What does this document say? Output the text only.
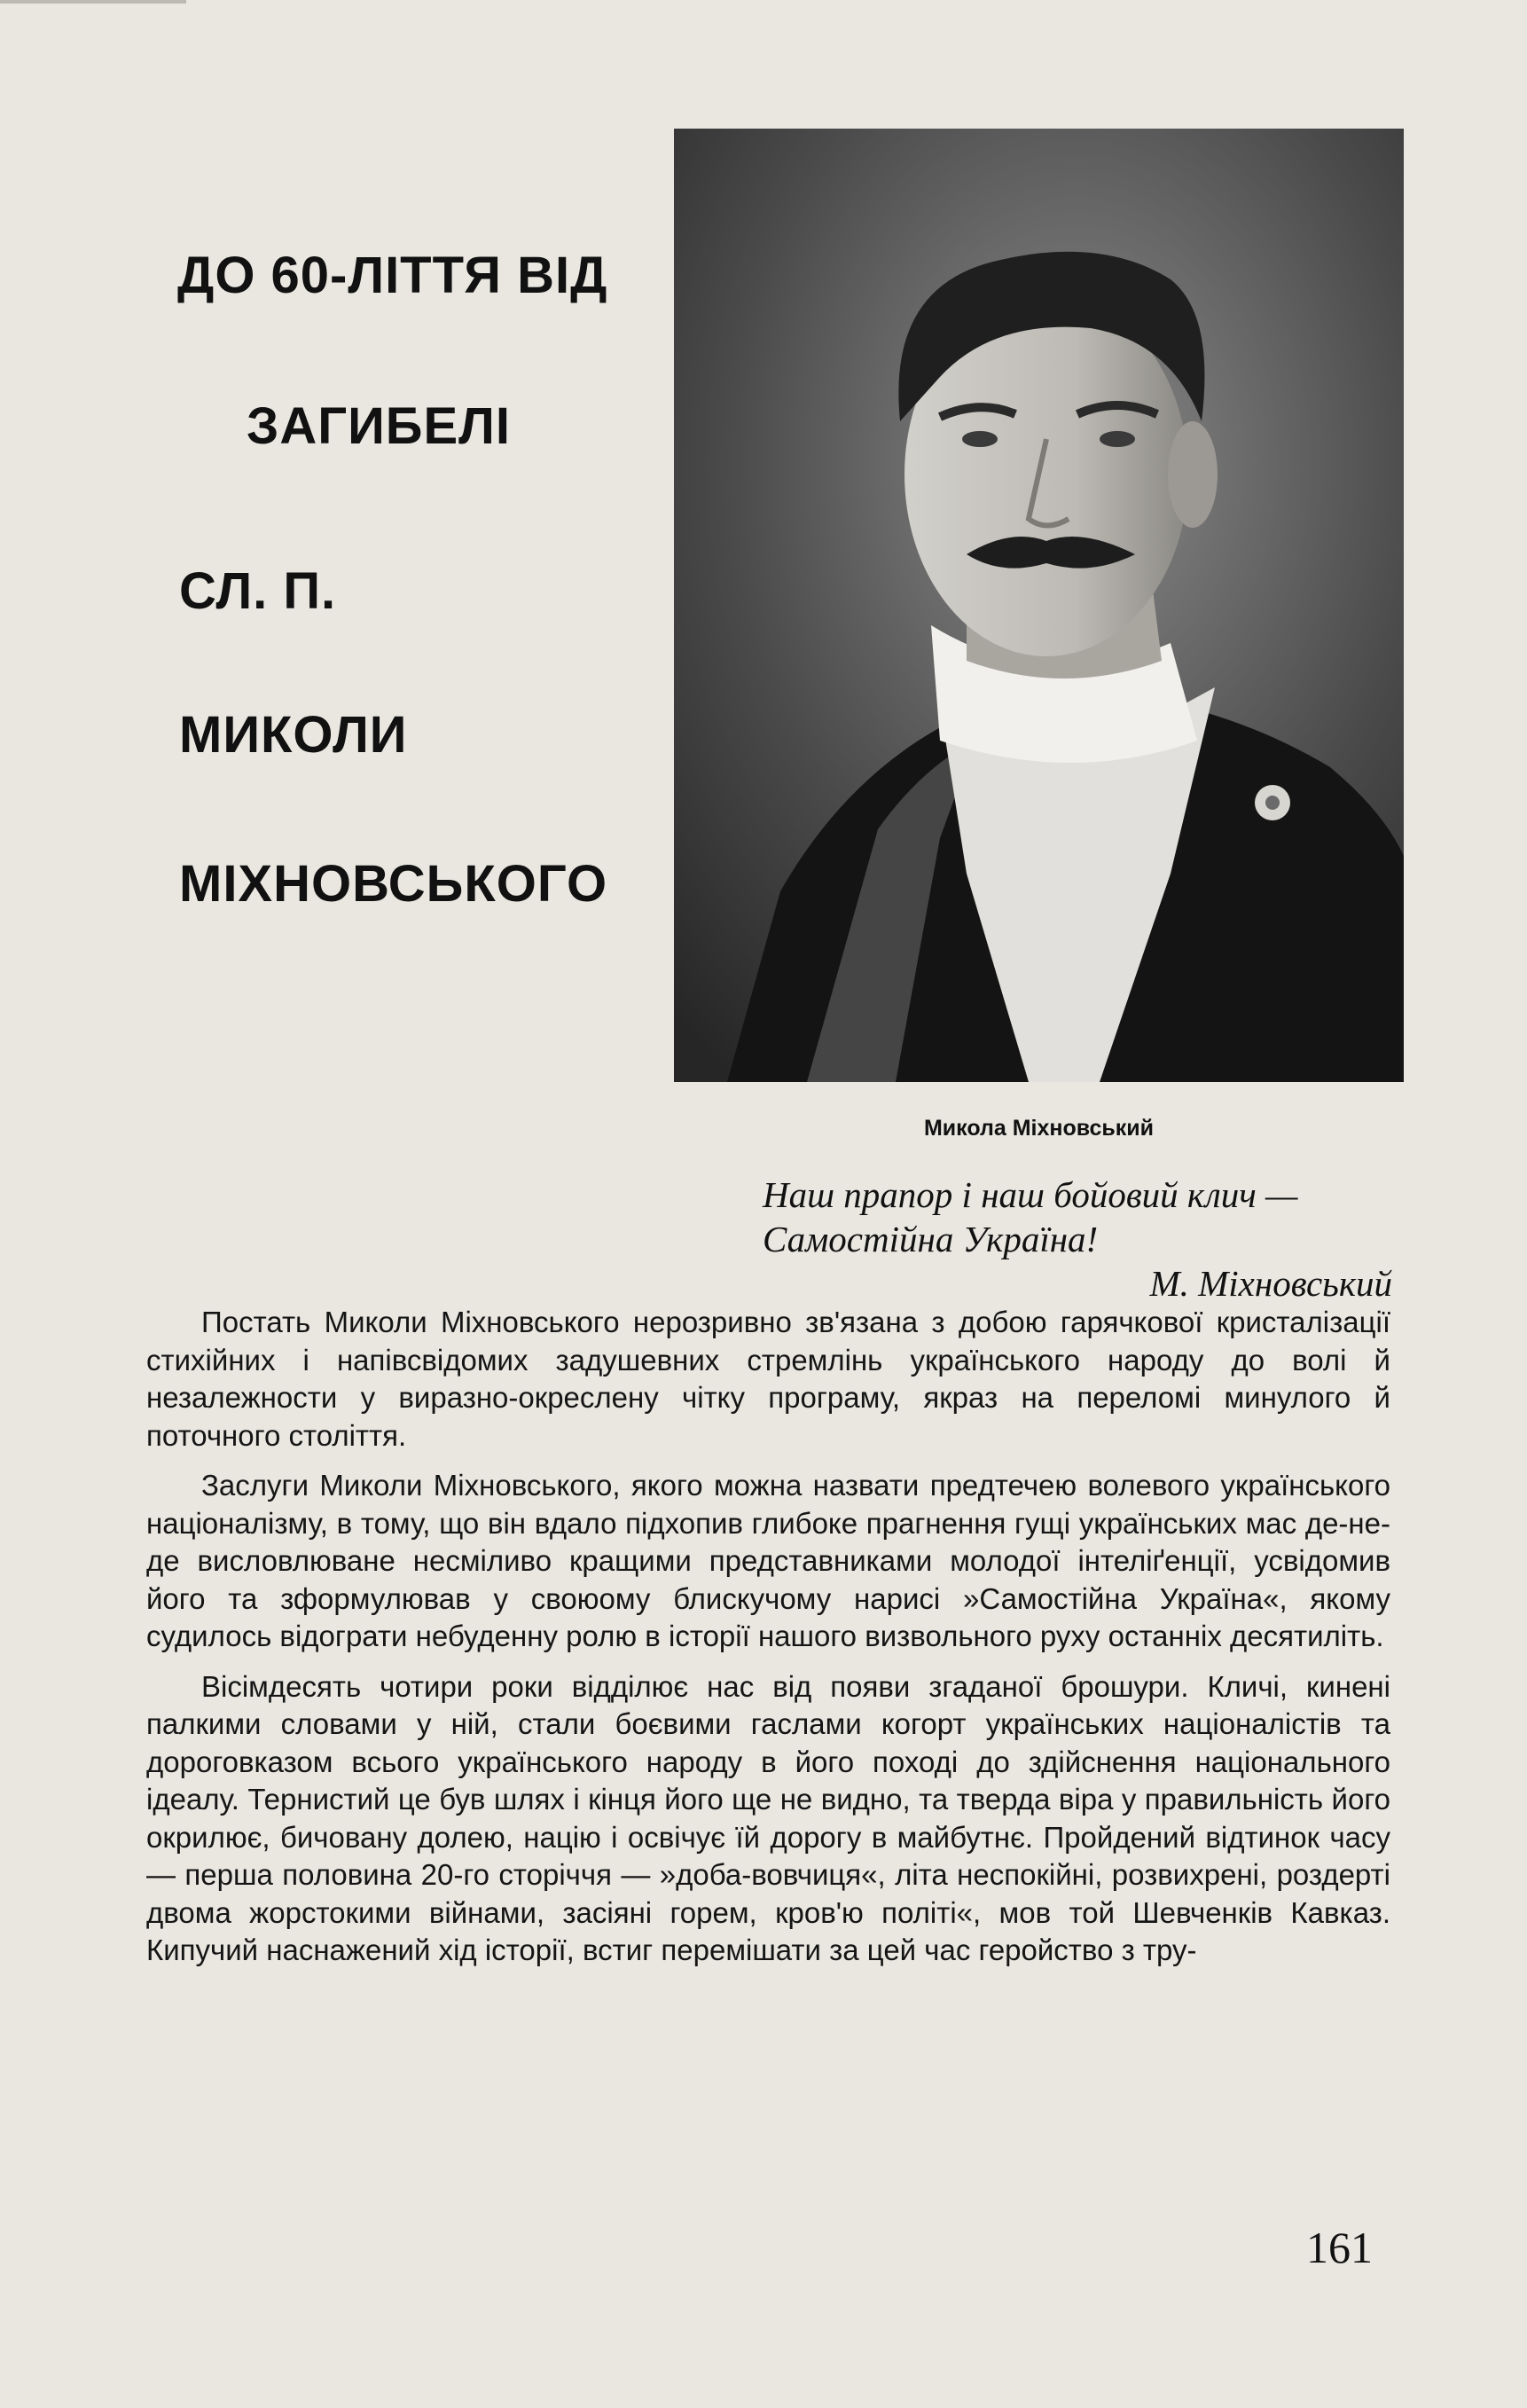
ДО 60-ЛІТТЯ ВІД
ЗАГИБЕЛІ
СЛ. П.
МИКОЛИ
МІХНОВСЬКОГО
Микола Міхновський

Наш прапор і наш бойовий клич —

Самостійна Україна!

М. Міхновський

Постать Миколи Міхновського нерозривно зв'язана з добою гарячкової кристалізації стихійних і напівсвідомих задушевних стремлінь українського народу до волі й незалежности у виразно-окреслену чітку програму, якраз на переломі минулого й поточного століття.

Заслуги Миколи Міхновського, якого можна назвати предтечею волевого українського націоналізму, в тому, що він вдало підхопив глибоке прагнення гущі українських мас де-не-де висловлюване несміливо кращими представниками молодої інтеліґенції, усвідомив його та зформулював у своюому блискучому нарисі »Самостійна Україна«, якому судилось відограти небуденну ролю в історії нашого визвольного руху останніх десятиліть.

Вісімдесять чотири роки відділює нас від появи згаданої брошури. Кличі, кинені палкими словами у ній, стали боєвими гаслами когорт українських націоналістів та дороговказом всього українського народу в його поході до здійснення національного ідеалу. Тернистий це був шлях і кінця його ще не видно, та тверда віра у правильність його окрилює, бичовану долею, націю і освічує їй дорогу в майбутнє. Пройдений відтинок часу — перша половина 20-го сторіччя — »доба-вовчиця«, літа неспокійні, розвихрені, роздерті двома жорстокими війнами, засіяні горем, кров'ю політі«, мов той Шевченків Кавказ. Кипучий наснажений хід історії, встиг перемішати за цей час геройство з тру-

161
